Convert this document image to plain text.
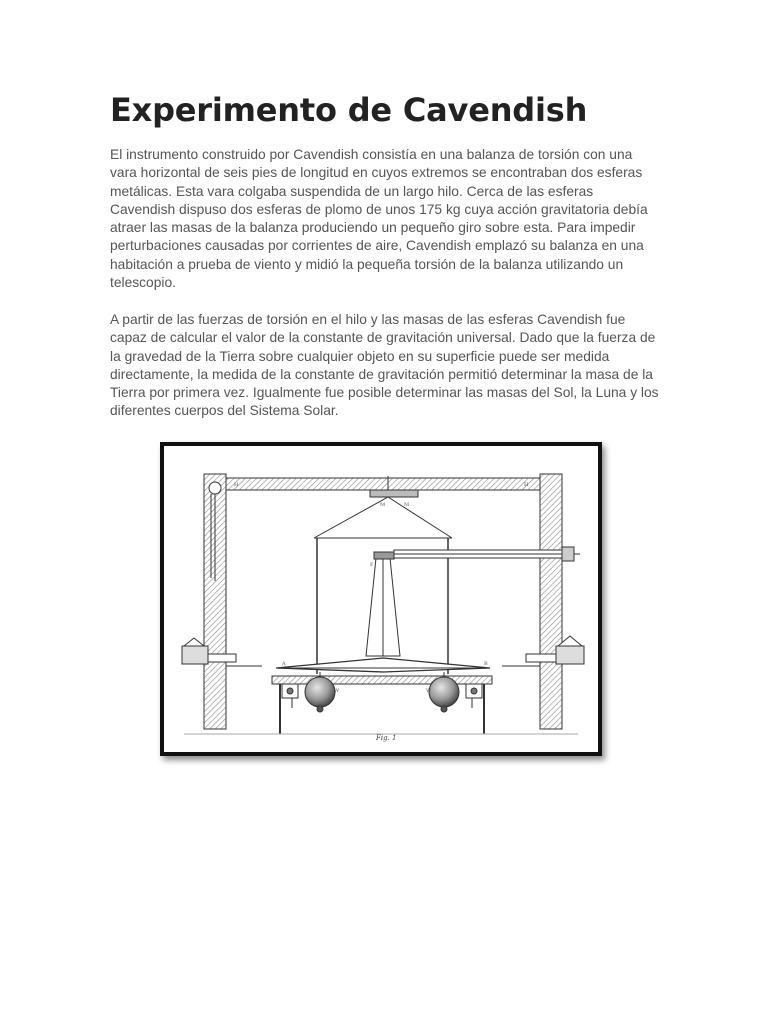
Experimento de Cavendish

El instrumento construido por Cavendish consistía en una balanza de torsión con una vara horizontal de seis pies de longitud en cuyos extremos se encontraban dos esferas metálicas. Esta vara colgaba suspendida de un largo hilo. Cerca de las esferas Cavendish dispuso dos esferas de plomo de unos 175 kg cuya acción gravitatoria debía atraer las masas de la balanza produciendo un pequeño giro sobre esta. Para impedir perturbaciones causadas por corrientes de aire, Cavendish emplazó su balanza en una habitación a prueba de viento y midió la pequeña torsión de la balanza utilizando un telescopio.

A partir de las fuerzas de torsión en el hilo y las masas de las esferas Cavendish fue capaz de calcular el valor de la constante de gravitación universal. Dado que la fuerza de la gravedad de la Tierra sobre cualquier objeto en su superficie puede ser medida directamente, la medida de la constante de gravitación permitió determinar la masa de la Tierra por primera vez. Igualmente fue posible determinar las masas del Sol, la Luna y los diferentes cuerpos del Sistema Solar.

H	H
M	M
F
A	B
W	W
Fig. 1
